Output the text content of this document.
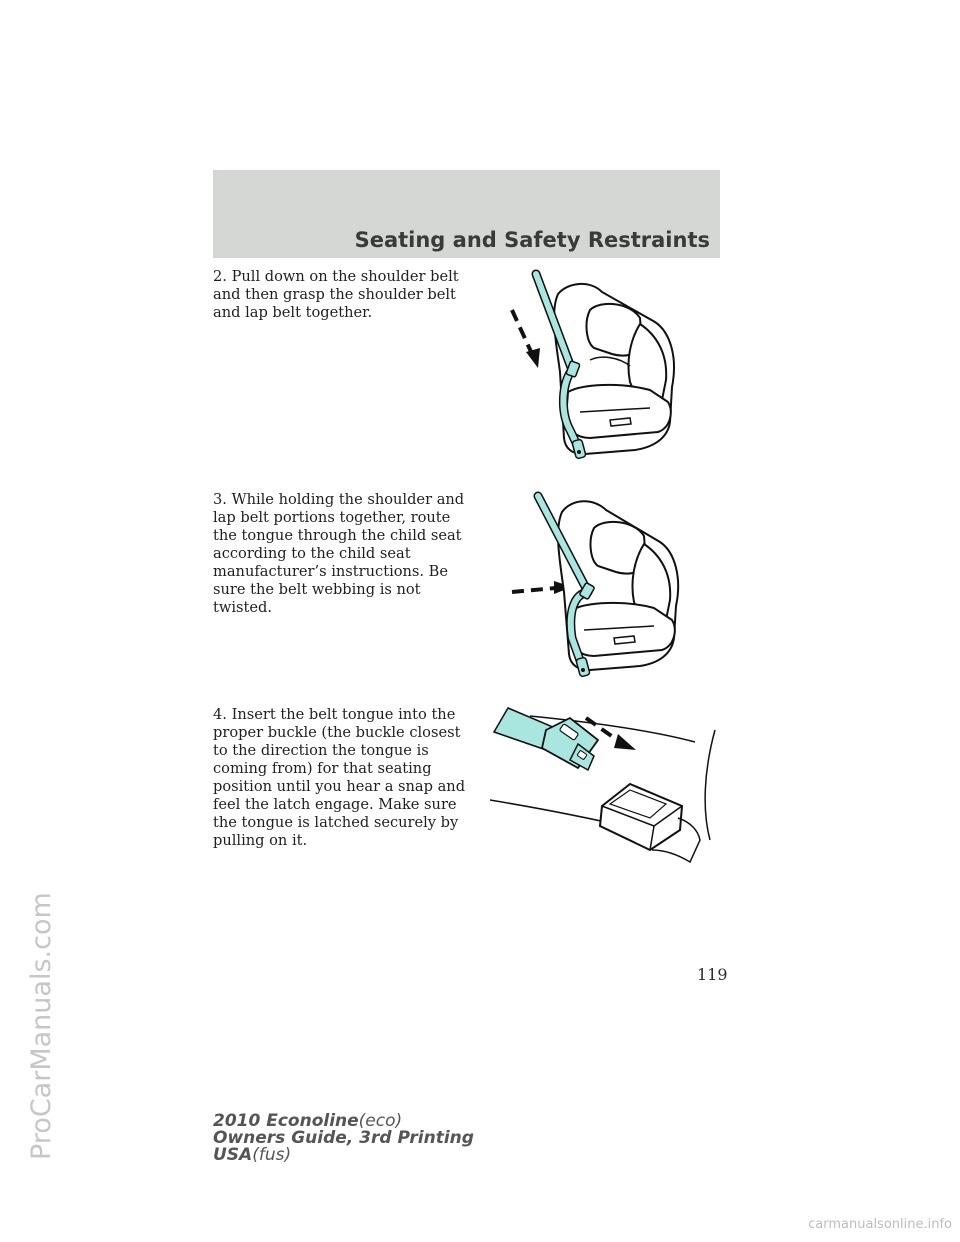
Seating and Safety Restraints

2. Pull down on the shoulder belt and then grasp the shoulder belt and lap belt together.

3. While holding the shoulder and lap belt portions together, route the tongue through the child seat according to the child seat manufacturer’s instructions. Be sure the belt webbing is not twisted.

4. Insert the belt tongue into the proper buckle (the buckle closest to the direction the tongue is coming from) for that seating position until you hear a snap and feel the latch engage. Make sure the tongue is latched securely by pulling on it.

119
2010 Econoline(eco)
Owners Guide, 3rd Printing
USA(fus)
ProCarManuals.com
carmanualsonline.info
